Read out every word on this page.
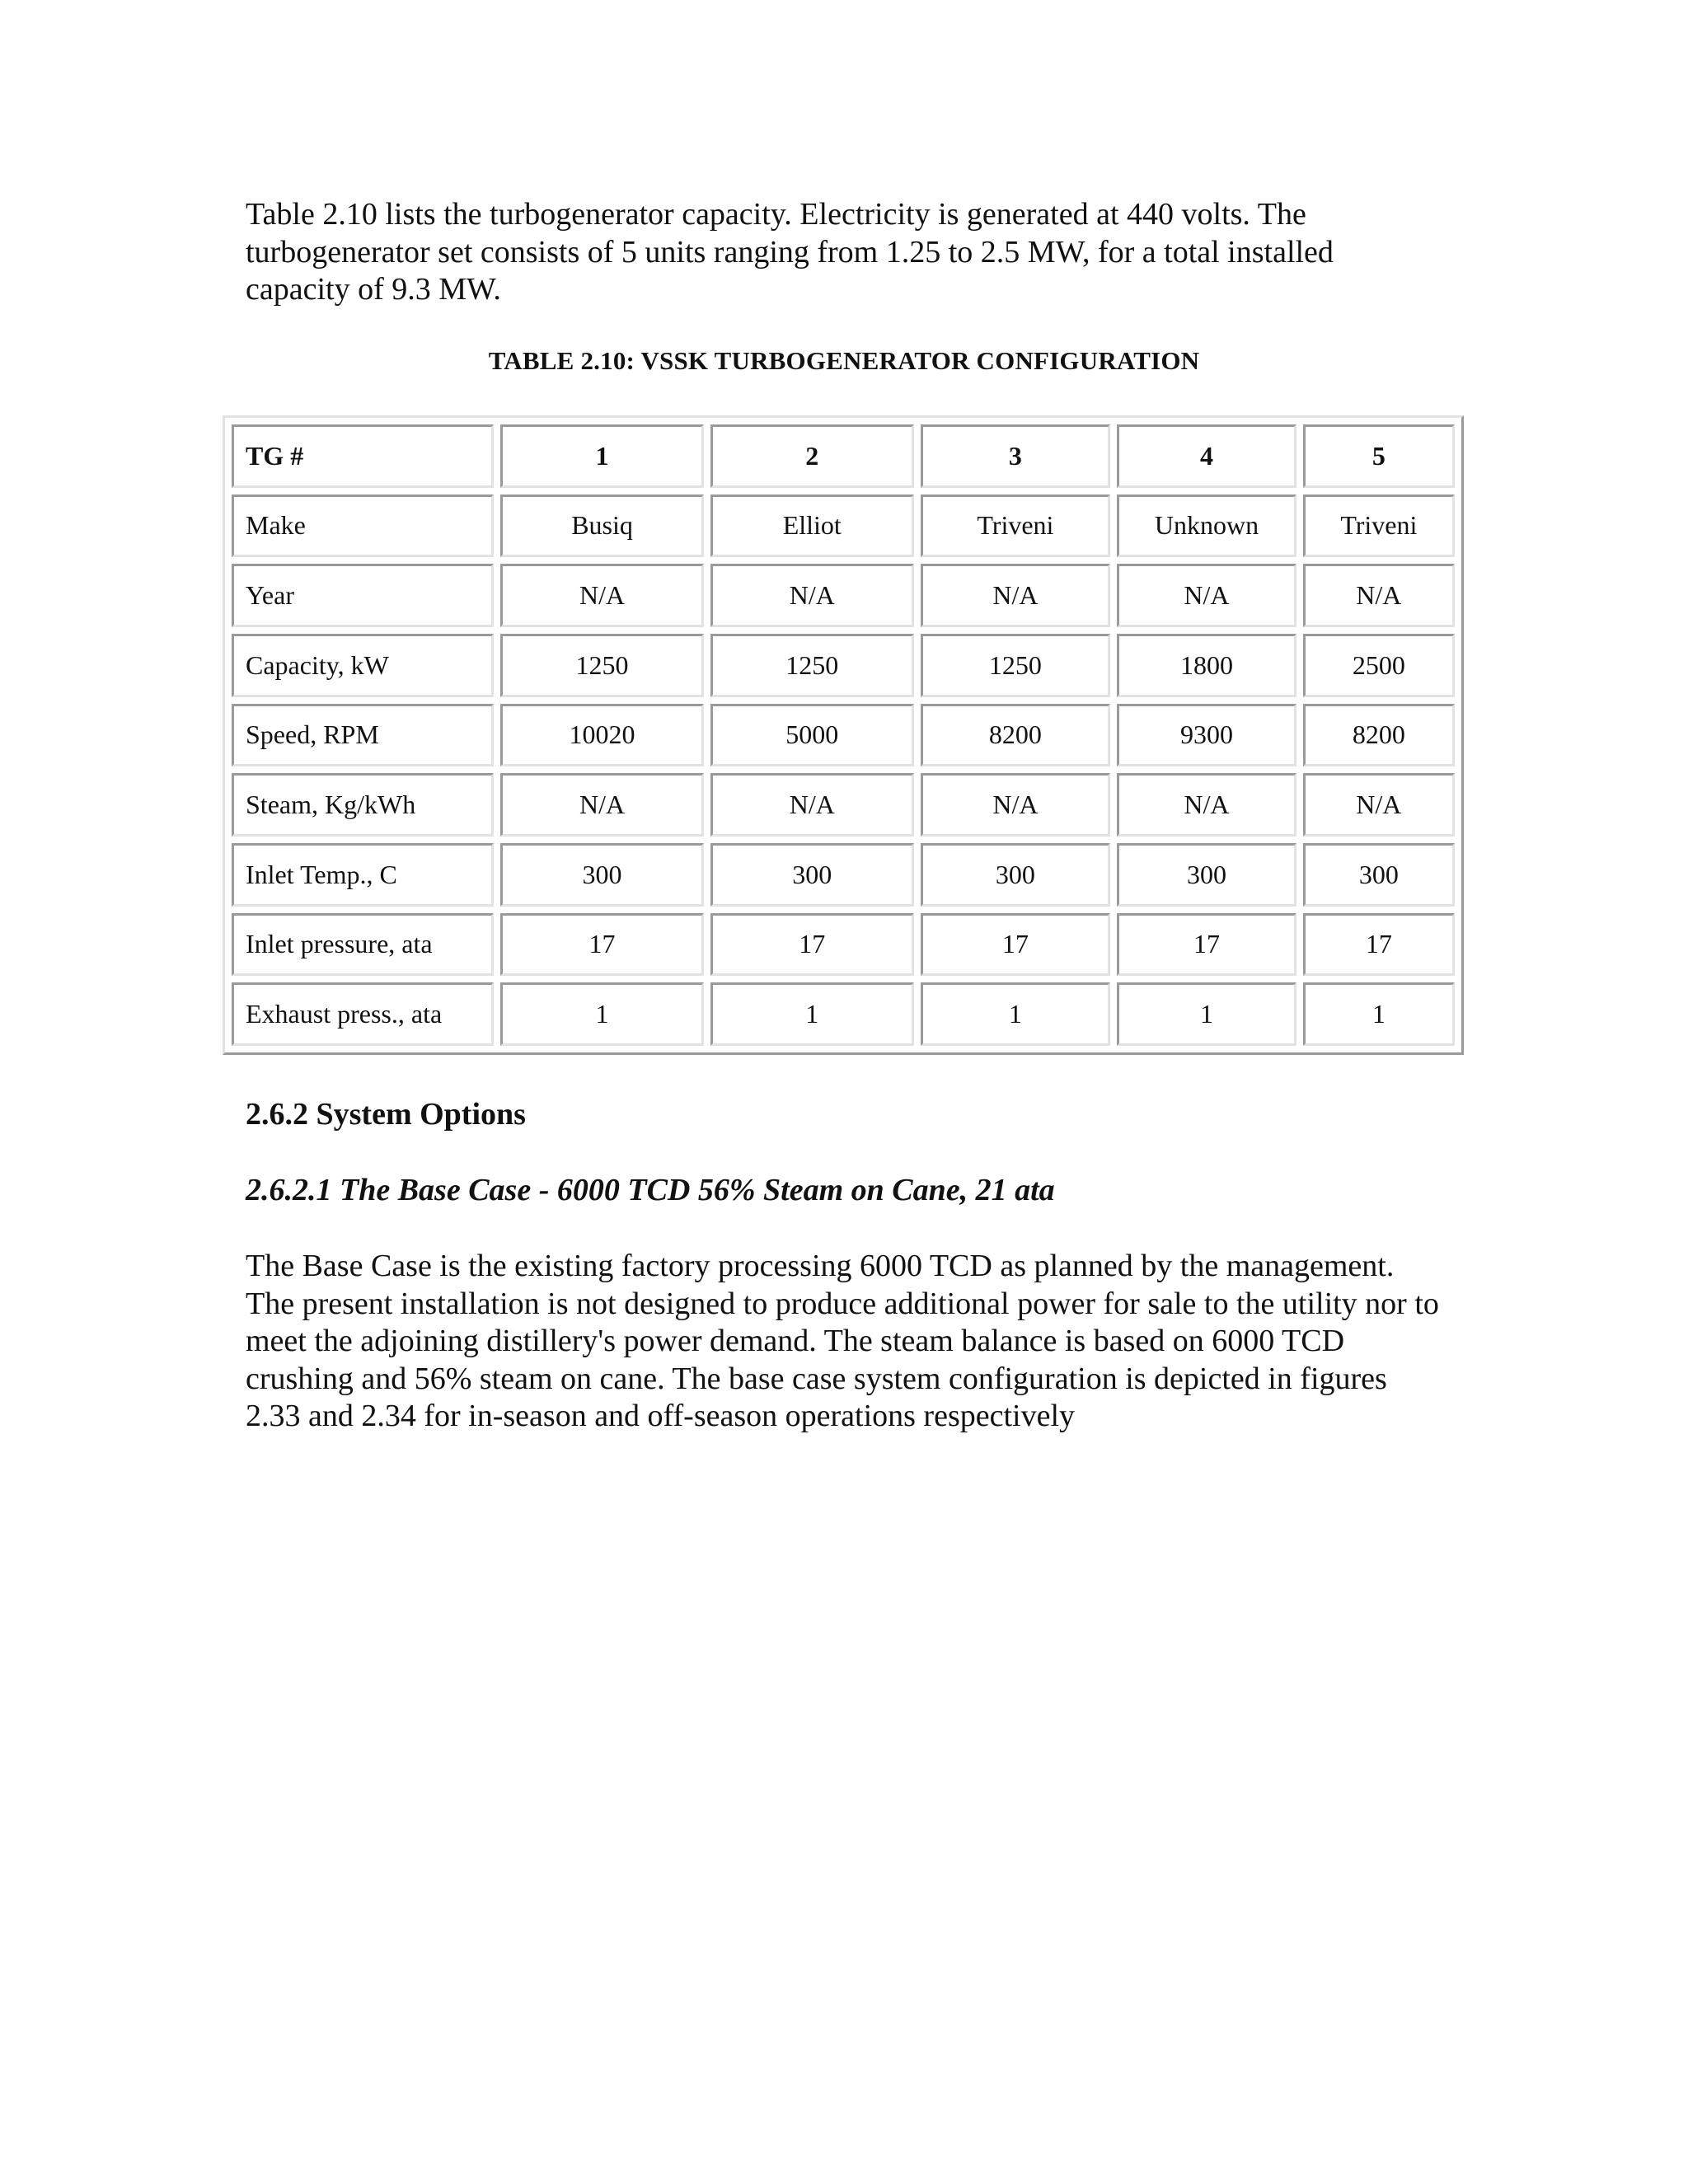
Table 2.10 lists the turbogenerator capacity. Electricity is generated at 440 volts. The turbogenerator set consists of 5 units ranging from 1.25 to 2.5 MW, for a total installed capacity of 9.3 MW.

TABLE 2.10: VSSK TURBOGENERATOR CONFIGURATION

TG #	1	2	3	4	5
Make	Busiq	Elliot	Triveni	Unknown	Triveni
Year	N/A	N/A	N/A	N/A	N/A
Capacity, kW	1250	1250	1250	1800	2500
Speed, RPM	10020	5000	8200	9300	8200
Steam, Kg/kWh	N/A	N/A	N/A	N/A	N/A
Inlet Temp., C	300	300	300	300	300
Inlet pressure, ata	17	17	17	17	17
Exhaust press., ata	1	1	1	1	1
2.6.2 System Options
2.6.2.1 The Base Case - 6000 TCD 56% Steam on Cane, 21 ata

The Base Case is the existing factory processing 6000 TCD as planned by the management. The present installation is not designed to produce additional power for sale to the utility nor to meet the adjoining distillery's power demand. The steam balance is based on 6000 TCD crushing and 56% steam on cane. The base case system configuration is depicted in figures 2.33 and 2.34 for in-season and off-season operations respectively
